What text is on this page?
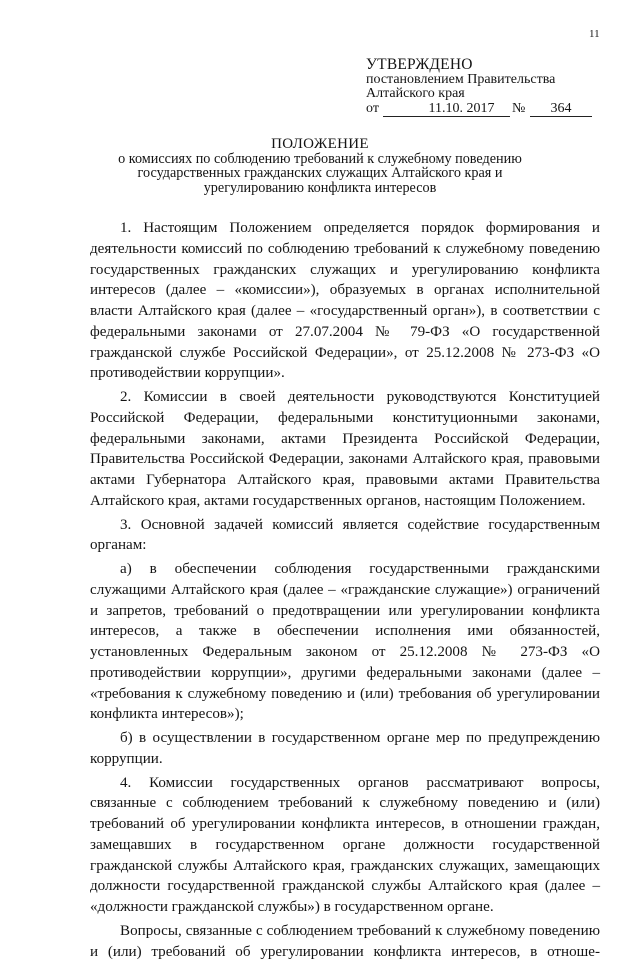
11
УТВЕРЖДЕНО
постановлением Правительства
Алтайского края
от	11.10. 2017	№	364
ПОЛОЖЕНИЕ
о комиссиях по соблюдению требований к служебному поведению
государственных гражданских служащих Алтайского края и
урегулированию конфликта интересов

1. Настоящим Положением определяется порядок формирования и деятельности комиссий по соблюдению требований к служебному поведению государственных гражданских служащих и урегулированию конфликта интересов (далее – «комиссии»), образуемых в органах исполнительной власти Алтайского края (далее – «государственный орган»), в соответствии с федеральными законами от 27.07.2004 № 79-ФЗ «О государственной гражданской службе Российской Федерации», от 25.12.2008 № 273-ФЗ «О противодействии коррупции».

2. Комиссии в своей деятельности руководствуются Конституцией Российской Федерации, федеральными конституционными законами, федеральными законами, актами Президента Российской Федерации, Правительства Российской Федерации, законами Алтайского края, правовыми актами Губернатора Алтайского края, правовыми актами Правительства Алтайского края, актами государственных органов, настоящим Положением.

3. Основной задачей комиссий является содействие государственным органам:

а) в обеспечении соблюдения государственными гражданскими служащими Алтайского края (далее – «гражданские служащие») ограничений и запретов, требований о предотвращении или урегулировании конфликта интересов, а также в обеспечении исполнения ими обязанностей, установленных Федеральным законом от 25.12.2008 № 273-ФЗ «О противодействии коррупции», другими федеральными законами (далее – «требования к служебному поведению и (или) требования об урегулировании конфликта интересов»);

б) в осуществлении в государственном органе мер по предупреждению коррупции.

4. Комиссии государственных органов рассматривают вопросы, связанные с соблюдением требований к служебному поведению и (или) требований об урегулировании конфликта интересов, в отношении граждан, замещавших в государственном органе должности государственной гражданской службы Алтайского края, гражданских служащих, замещающих должности государственной гражданской службы Алтайского края (далее – «должности гражданской службы») в государственном органе.

Вопросы, связанные с соблюдением требований к служебному поведению и (или) требований об урегулировании конфликта интересов, в отноше-
